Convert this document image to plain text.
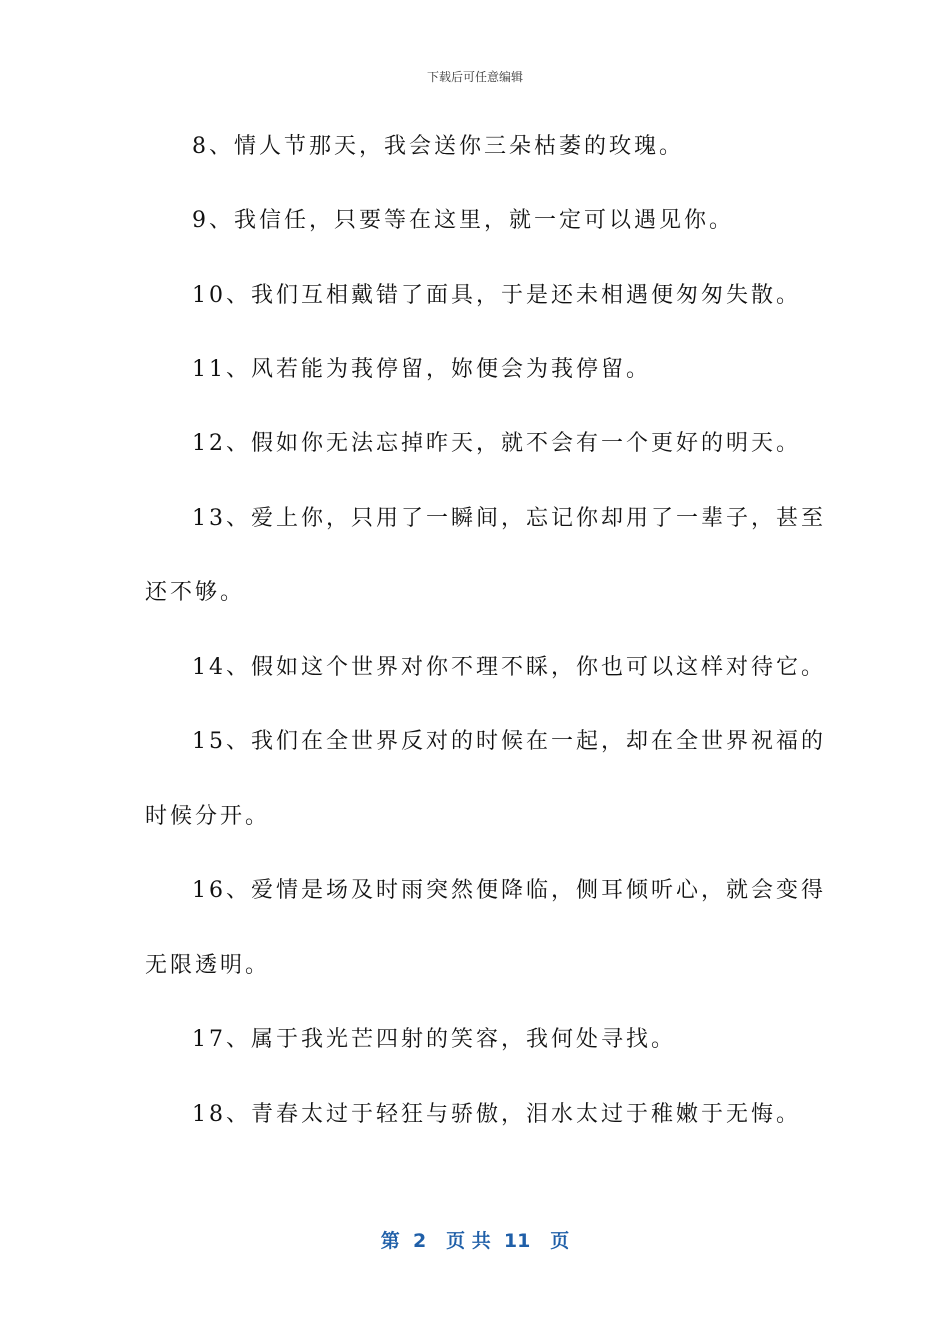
下载后可任意编辑
8、情人节那天，我会送你三朵枯萎的玫瑰。
9、我信任，只要等在这里，就一定可以遇见你。
10、我们互相戴错了面具，于是还未相遇便匆匆失散。
11、风若能为莪停留，妳便会为莪停留。
12、假如你无法忘掉昨天，就不会有一个更好的明天。
13、爱上你，只用了一瞬间，忘记你却用了一辈子，甚至
还不够。
14、假如这个世界对你不理不睬，你也可以这样对待它。
15、我们在全世界反对的时候在一起，却在全世界祝福的
时候分开。
16、爱情是场及时雨突然便降临，侧耳倾听心，就会变得
无限透明。
17、属于我光芒四射的笑容，我何处寻找。
18、青春太过于轻狂与骄傲，泪水太过于稚嫩于无悔。
第  2   页 共  11   页
